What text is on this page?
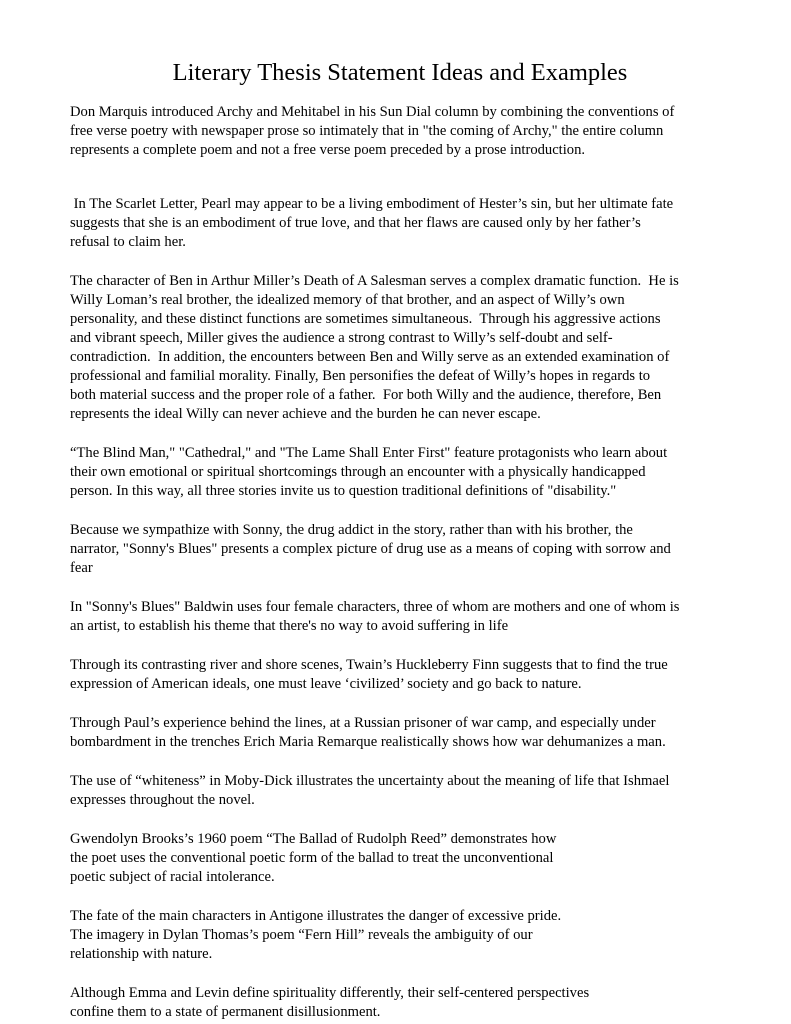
Literary Thesis Statement Ideas and Examples
Don Marquis introduced Archy and Mehitabel in his Sun Dial column by combining the conventions of
free verse poetry with newspaper prose so intimately that in "the coming of Archy," the entire column
represents a complete poem and not a free verse poem preceded by a prose introduction.
In The Scarlet Letter, Pearl may appear to be a living embodiment of Hester’s sin, but her ultimate fate
suggests that she is an embodiment of true love, and that her flaws are caused only by her father’s
refusal to claim her.
The character of Ben in Arthur Miller’s Death of A Salesman serves a complex dramatic function.  He is
Willy Loman’s real brother, the idealized memory of that brother, and an aspect of Willy’s own
personality, and these distinct functions are sometimes simultaneous.  Through his aggressive actions
and vibrant speech, Miller gives the audience a strong contrast to Willy’s self-doubt and self-
contradiction.  In addition, the encounters between Ben and Willy serve as an extended examination of
professional and familial morality. Finally, Ben personifies the defeat of Willy’s hopes in regards to
both material success and the proper role of a father.  For both Willy and the audience, therefore, Ben
represents the ideal Willy can never achieve and the burden he can never escape.
“The Blind Man," "Cathedral," and "The Lame Shall Enter First" feature protagonists who learn about
their own emotional or spiritual shortcomings through an encounter with a physically handicapped
person. In this way, all three stories invite us to question traditional definitions of "disability."
Because we sympathize with Sonny, the drug addict in the story, rather than with his brother, the
narrator, "Sonny's Blues" presents a complex picture of drug use as a means of coping with sorrow and
fear
In "Sonny's Blues" Baldwin uses four female characters, three of whom are mothers and one of whom is
an artist, to establish his theme that there's no way to avoid suffering in life
Through its contrasting river and shore scenes, Twain’s Huckleberry Finn suggests that to find the true
expression of American ideals, one must leave ‘civilized’ society and go back to nature.
Through Paul’s experience behind the lines, at a Russian prisoner of war camp, and especially under
bombardment in the trenches Erich Maria Remarque realistically shows how war dehumanizes a man.
The use of “whiteness” in Moby-Dick illustrates the uncertainty about the meaning of life that Ishmael
expresses throughout the novel.
Gwendolyn Brooks’s 1960 poem “The Ballad of Rudolph Reed” demonstrates how
the poet uses the conventional poetic form of the ballad to treat the unconventional
poetic subject of racial intolerance.
The fate of the main characters in Antigone illustrates the danger of excessive pride.
The imagery in Dylan Thomas’s poem “Fern Hill” reveals the ambiguity of our
relationship with nature.
Although Emma and Levin define spirituality differently, their self-centered perspectives
confine them to a state of permanent disillusionment.
